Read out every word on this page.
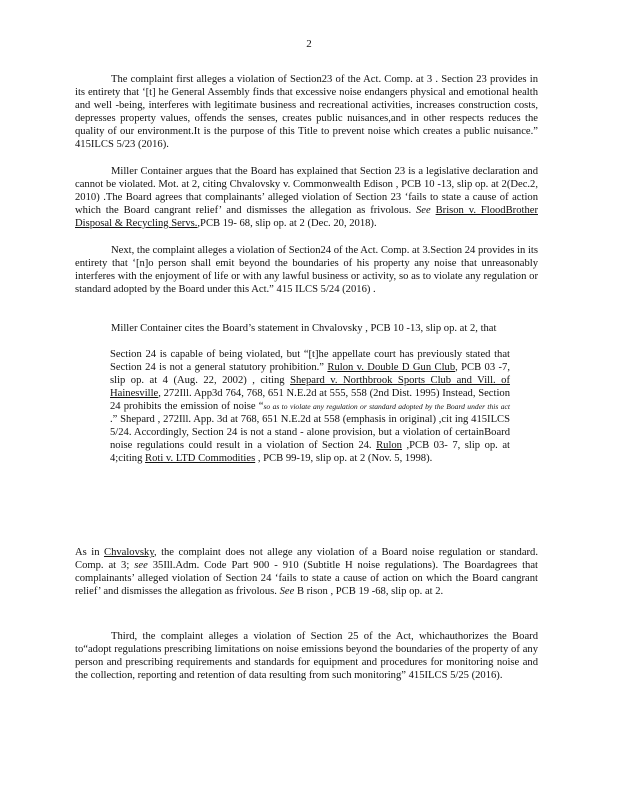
2

The complaint first alleges a violation of Section23 of the Act. Comp. at 3 . Section 23 provides in its entirety that ‘[t] he General Assembly finds that excessive noise endangers physical and emotional health and well -being, interferes with legitimate business and recreational activities, increases construction costs, depresses property values, offends the senses, creates public nuisances,and in other respects reduces the quality of our environment.It is the purpose of this Title to prevent noise which creates a public nuisance.” 415ILCS 5/23 (2016).

Miller Container argues that the Board has explained that Section 23 is a legislative declaration and cannot be violated. Mot. at 2, citing Chvalovsky v. Commonwealth Edison , PCB 10 -13, slip op. at 2(Dec.2, 2010) .The Board agrees that complainants’ alleged violation of Section 23 ‘fails to state a cause of action which the Board cangrant relief’ and dismisses the allegation as frivolous. See Brison v. FloodBrother Disposal & Recycling Servs.,PCB 19- 68, slip op. at 2 (Dec. 20, 2018).

Next, the complaint alleges a violation of Section24 of the Act. Comp. at 3.Section 24 provides in its entirety that ‘[n]o person shall emit beyond the boundaries of his property any noise that unreasonably interferes with the enjoyment of life or with any lawful business or activity, so as to violate any regulation or standard adopted by the Board under this Act.” 415 ILCS 5/24 (2016) .

Miller Container cites the Board’s statement in Chvalovsky , PCB 10 -13, slip op. at 2, that

Section 24 is capable of being violated, but “[t]he appellate court has previously stated that Section 24 is not a general statutory prohibition.” Rulon v. Double D Gun Club, PCB 03 -7, slip op. at 4 (Aug. 22, 2002) , citing Shepard v. Northbrook Sports Club and Vill. of Hainesville, 272Ill. App3d 764, 768, 651 N.E.2d at 555, 558 (2nd Dist. 1995) Instead, Section 24 prohibits the emission of noise “so as to violate any regulation or standard adopted by the Board under this act .” Shepard , 272Ill. App. 3d at 768, 651 N.E.2d at 558 (emphasis in original) ,cit ing 415ILCS 5/24. Accordingly, Section 24 is not a stand - alone provision, but a violation of certainBoard noise regulations could result in a violation of Section 24. Rulon ,PCB 03- 7, slip op. at 4;citing Roti v. LTD Commodities , PCB 99-19, slip op. at 2 (Nov. 5, 1998).

As in Chvalovsky, the complaint does not allege any violation of a Board noise regulation or standard. Comp. at 3; see 35Ill.Adm. Code Part 900 - 910 (Subtitle H noise regulations). The Boardagrees that complainants’ alleged violation of Section 24 ‘fails to state a cause of action on which the Board cangrant relief’ and dismisses the allegation as frivolous. See B rison , PCB 19 -68, slip op. at 2.

Third, the complaint alleges a violation of Section 25 of the Act, whichauthorizes the Board to“adopt regulations prescribing limitations on noise emissions beyond the boundaries of the property of any person and prescribing requirements and standards for equipment and procedures for monitoring noise and the collection, reporting and retention of data resulting from such monitoring” 415ILCS 5/25 (2016).
